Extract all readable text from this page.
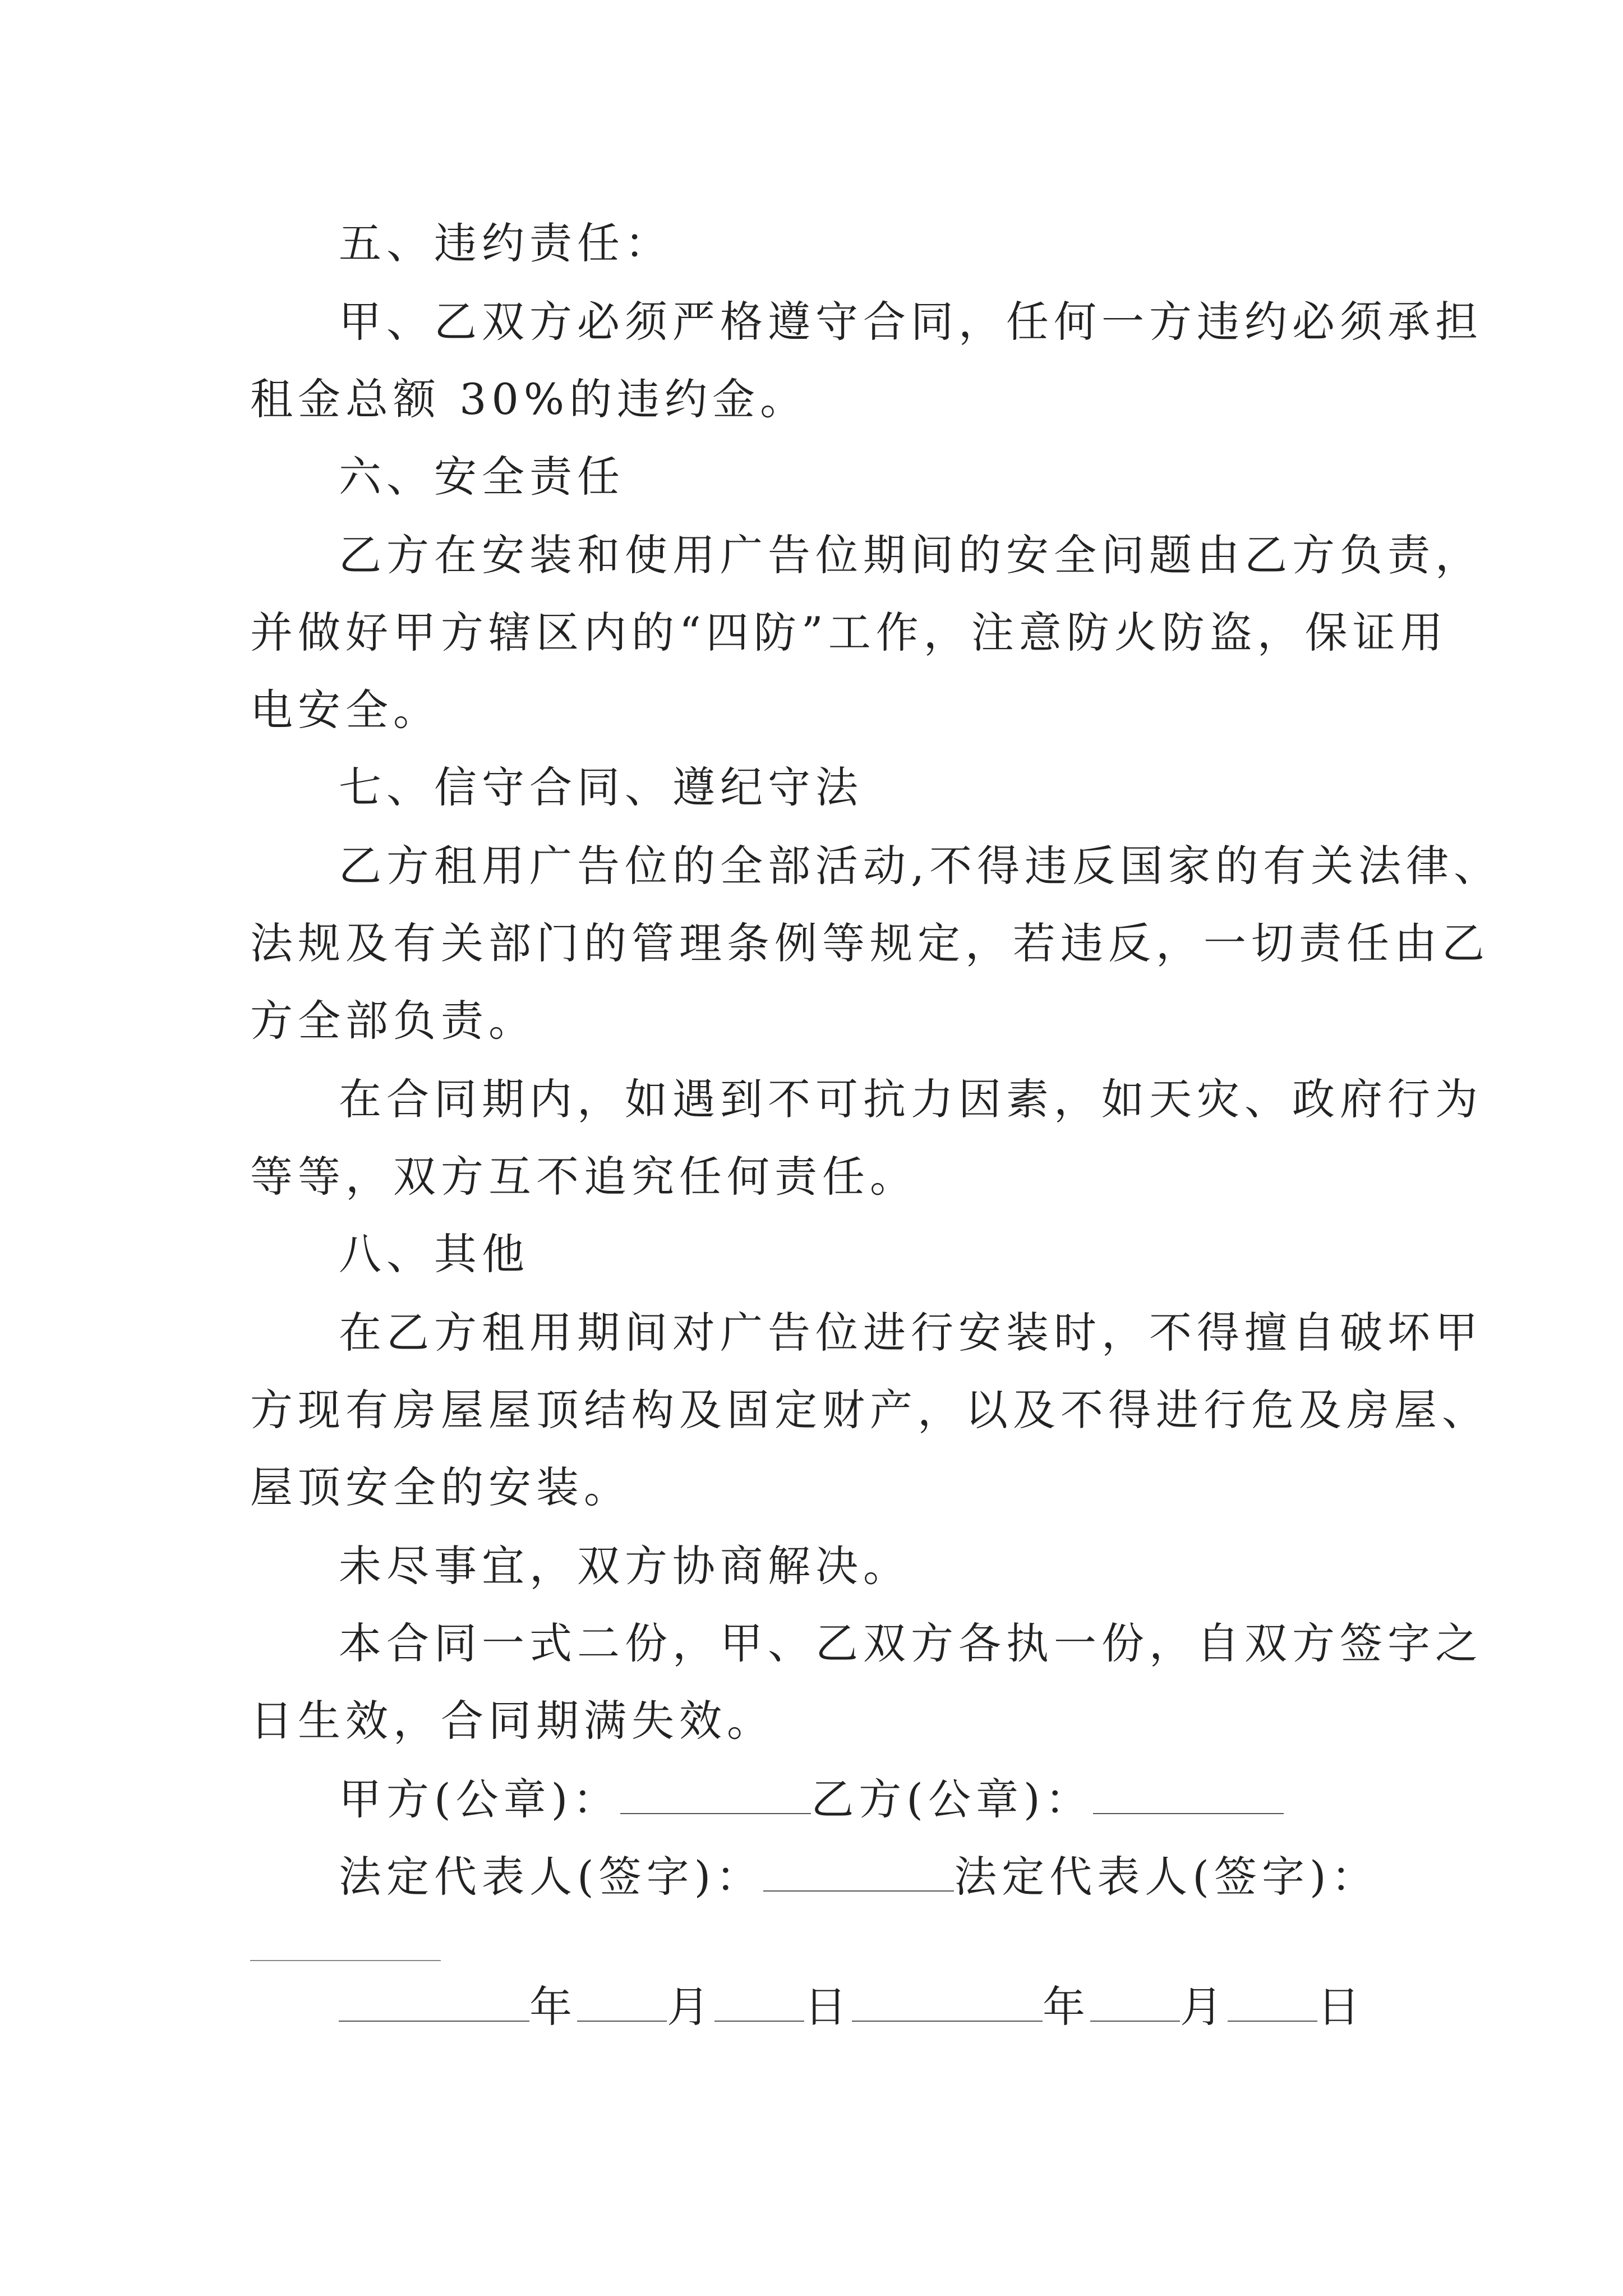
五、违约责任：
甲、乙双方必须严格遵守合同，任何一方违约必须承担
租金总额 30%的违约金。
六、安全责任
乙方在安装和使用广告位期间的安全问题由乙方负责，
并做好甲方辖区内的“四防”工作，注意防火防盗，保证用
电安全。
七、信守合同、遵纪守法
乙方租用广告位的全部活动,不得违反国家的有关法律、
法规及有关部门的管理条例等规定，若违反，一切责任由乙
方全部负责。
在合同期内，如遇到不可抗力因素，如天灾、政府行为
等等，双方互不追究任何责任。
八、其他
在乙方租用期间对广告位进行安装时，不得擅自破坏甲
方现有房屋屋顶结构及固定财产，以及不得进行危及房屋、
屋顶安全的安装。
未尽事宜，双方协商解决。
本合同一式二份，甲、乙双方各执一份，自双方签字之
日生效，合同期满失效。
甲方(公章)：	乙方(公章)：
法定代表人(签字)：	法定代表人(签字)：
年 月 日	年 月 日
